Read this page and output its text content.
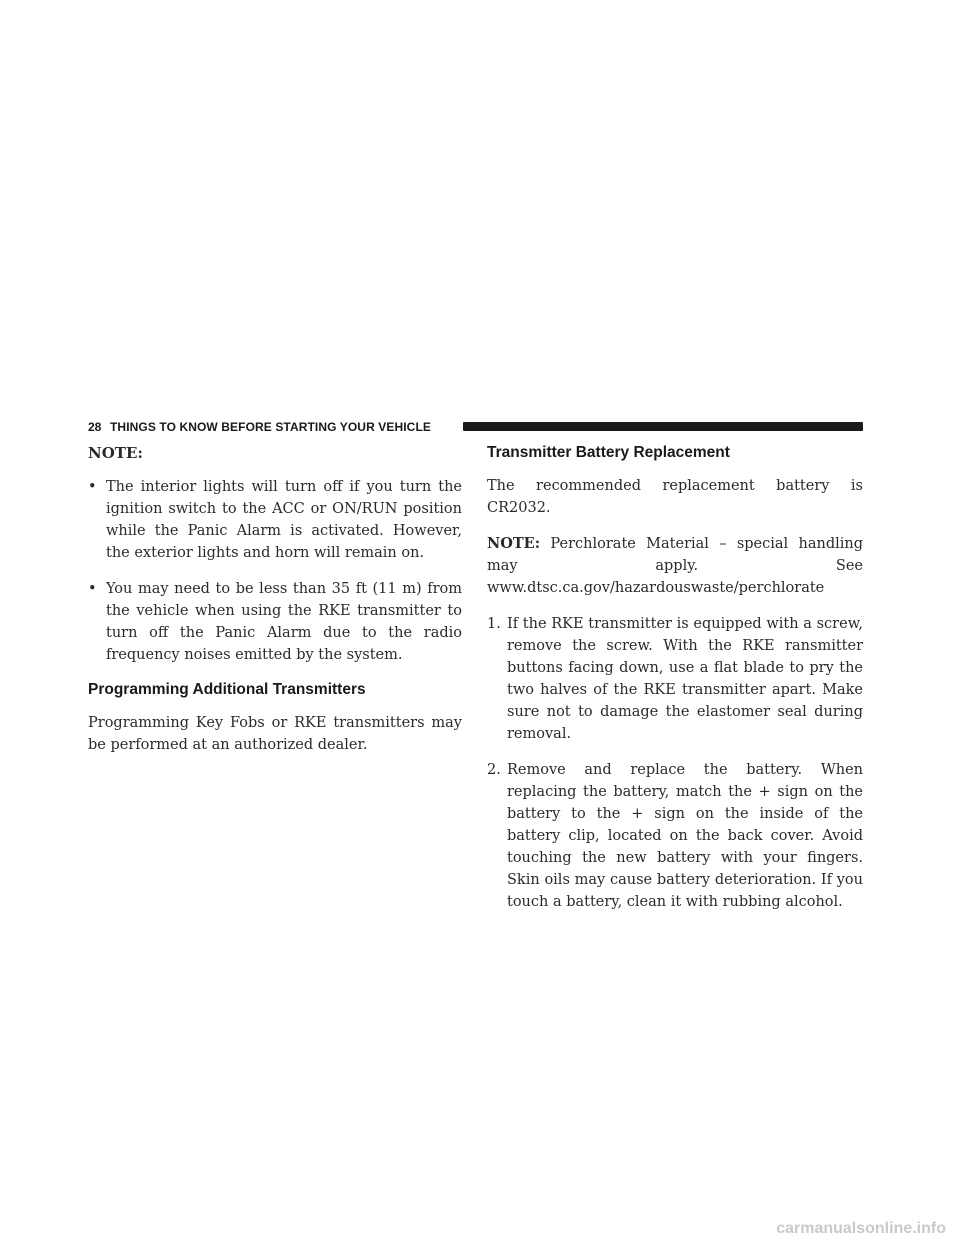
28 THINGS TO KNOW BEFORE STARTING YOUR VEHICLE
NOTE:
• The interior lights will turn off if you turn the ignition switch to the ACC or ON/RUN position while the Panic Alarm is activated. However, the exterior lights and horn will remain on.
• You may need to be less than 35 ft (11 m) from the vehicle when using the RKE transmitter to turn off the Panic Alarm due to the radio frequency noises emitted by the system.
Programming Additional Transmitters

Programming Key Fobs or RKE transmitters may be performed at an authorized dealer.

Transmitter Battery Replacement

The recommended replacement battery is CR2032.

NOTE: Perchlorate Material – special handling may apply. See www.dtsc.ca.gov/hazardouswaste/perchlorate

1. If the RKE transmitter is equipped with a screw, remove the screw. With the RKE ransmitter buttons facing down, use a flat blade to pry the two halves of the RKE transmitter apart. Make sure not to damage the elastomer seal during removal.
2. Remove and replace the battery. When replacing the battery, match the + sign on the battery to the + sign on the inside of the battery clip, located on the back cover. Avoid touching the new battery with your fingers. Skin oils may cause battery deterioration. If you touch a battery, clean it with rubbing alcohol.
carmanualsonline.info
